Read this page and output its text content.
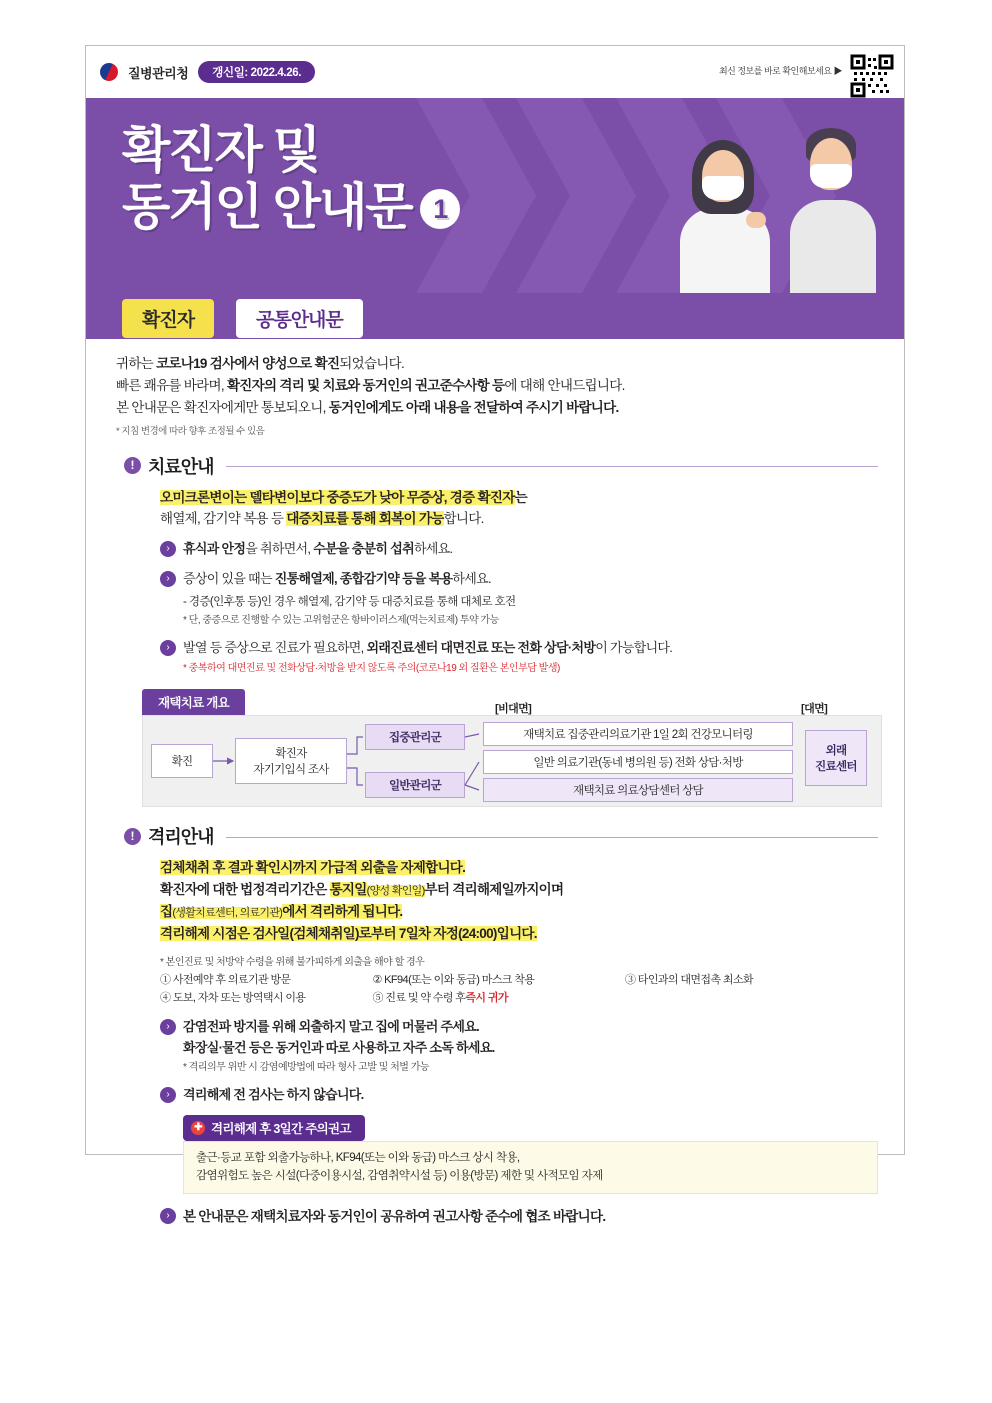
질병관리청	갱신일: 2022.4.26.	최신 정보를 바로 확인해보세요 ▶
확진자 및
동거인 안내문 1
확진자	공통안내문
귀하는 코로나19 검사에서 양성으로 확진되었습니다.
빠른 쾌유를 바라며, 확진자의 격리 및 치료와 동거인의 권고준수사항 등에 대해 안내드립니다.
본 안내문은 확진자에게만 통보되오니, 동거인에게도 아래 내용을 전달하여 주시기 바랍니다.
* 지침 변경에 따라 향후 조정될 수 있음
! 치료안내
오미크론변이는 델타변이보다 중증도가 낮아 무증상, 경증 확진자는
해열제, 감기약 복용 등 대증치료를 통해 회복이 가능합니다.
›	휴식과 안정을 취하면서, 수분을 충분히 섭취하세요.
›	증상이 있을 때는 진통해열제, 종합감기약 등을 복용하세요.
- 경증(인후통 등)인 경우 해열제, 감기약 등 대증치료를 통해 대체로 호전
* 단, 중증으로 진행할 수 있는 고위험군은 항바이러스제(먹는치료제) 투약 가능
›	발열 등 증상으로 진료가 필요하면, 외래진료센터 대면진료 또는 전화 상담·처방이 가능합니다.
* 중복하여 대면진료 및 전화상담·처방을 받지 않도록 주의(코로나19 외 질환은 본인부담 발생)
재택치료 개요	[비대면]	[대면]
확진
확진자
자기기입식 조사
집중관리군
일반관리군
재택치료 집중관리의료기관 1일 2회 건강모니터링
일반 의료기관(동네 병의원 등) 전화 상담·처방
재택치료 의료상담센터 상담
외래
진료센터
! 격리안내
검체채취 후 결과 확인시까지 가급적 외출을 자제합니다.
확진자에 대한 법정격리기간은 통지일(양성 확인일)부터 격리해제일까지이며
집(생활치료센터, 의료기관)에서 격리하게 됩니다.
격리해제 시점은 검사일(검체채취일)로부터 7일차 자정(24:00)입니다.
* 본인진료 및 처방약 수령을 위해 불가피하게 외출을 해야 할 경우
① 사전예약 후 의료기관 방문	② KF94(또는 이와 동급) 마스크 착용	③ 타인과의 대면접촉 최소화
④ 도보, 자차 또는 방역택시 이용	⑤ 진료 및 약 수령 후즉시 귀가
›	감염전파 방지를 위해 외출하지 말고 집에 머물러 주세요.
화장실·물건 등은 동거인과 따로 사용하고 자주 소독 하세요.
* 격리의무 위반 시 감염예방법에 따라 형사 고발 및 처벌 가능
›	격리해제 전 검사는 하지 않습니다.
✚ 격리해제 후 3일간 주의권고
출근·등교 포함 외출가능하나, KF94(또는 이와 동급) 마스크 상시 착용,
감염위험도 높은 시설(다중이용시설, 감염취약시설 등) 이용(방문) 제한 및 사적모임 자제
› 본 안내문은 재택치료자와 동거인이 공유하여 권고사항 준수에 협조 바랍니다.
